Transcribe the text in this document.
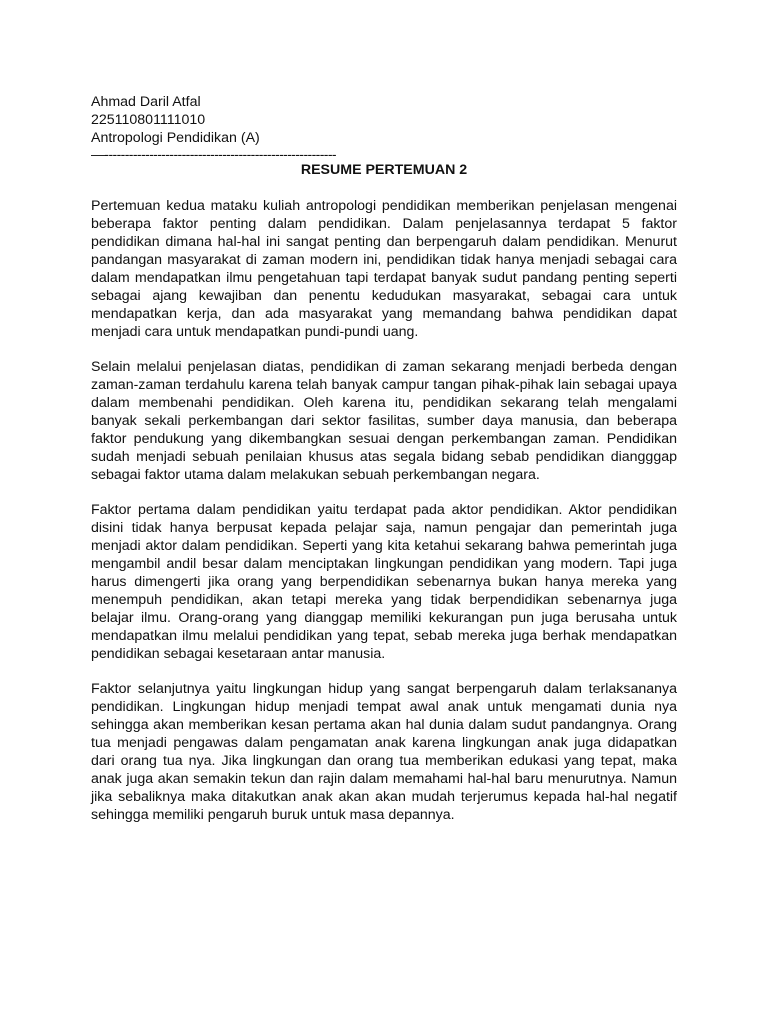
Ahmad Daril Atfal
225110801111010
Antropologi Pendidikan (A)
—---------------------------------------------------------
RESUME PERTEMUAN 2

Pertemuan kedua mataku kuliah antropologi pendidikan memberikan penjelasan mengenai beberapa faktor penting dalam pendidikan. Dalam penjelasannya terdapat 5 faktor pendidikan dimana hal-hal ini sangat penting dan berpengaruh dalam pendidikan. Menurut pandangan masyarakat di zaman modern ini, pendidikan tidak hanya menjadi sebagai cara dalam mendapatkan ilmu pengetahuan tapi terdapat banyak sudut pandang penting seperti sebagai ajang kewajiban dan penentu kedudukan masyarakat, sebagai cara untuk mendapatkan kerja, dan ada masyarakat yang memandang bahwa pendidikan dapat menjadi cara untuk mendapatkan pundi-pundi uang.

Selain melalui penjelasan diatas, pendidikan di zaman sekarang menjadi berbeda dengan zaman-zaman terdahulu karena telah banyak campur tangan pihak-pihak lain sebagai upaya dalam membenahi pendidikan. Oleh karena itu, pendidikan sekarang telah mengalami banyak sekali perkembangan dari sektor fasilitas, sumber daya manusia, dan beberapa faktor pendukung yang dikembangkan sesuai dengan perkembangan zaman. Pendidikan sudah menjadi sebuah penilaian khusus atas segala bidang sebab pendidikan diangggap sebagai faktor utama dalam melakukan sebuah perkembangan negara.

Faktor pertama dalam pendidikan yaitu terdapat pada aktor pendidikan. Aktor pendidikan disini tidak hanya berpusat kepada pelajar saja, namun pengajar dan pemerintah juga menjadi aktor dalam pendidikan. Seperti yang kita ketahui sekarang bahwa pemerintah juga mengambil andil besar dalam menciptakan lingkungan pendidikan yang modern. Tapi juga harus dimengerti jika orang yang berpendidikan sebenarnya bukan hanya mereka yang menempuh pendidikan, akan tetapi mereka yang tidak berpendidikan sebenarnya juga belajar ilmu. Orang-orang yang dianggap memiliki kekurangan pun juga berusaha untuk mendapatkan ilmu melalui pendidikan yang tepat, sebab mereka juga berhak mendapatkan pendidikan sebagai kesetaraan antar manusia.

Faktor selanjutnya yaitu lingkungan hidup yang sangat berpengaruh dalam terlaksananya pendidikan. Lingkungan hidup menjadi tempat awal anak untuk mengamati dunia nya sehingga akan memberikan kesan pertama akan hal dunia dalam sudut pandangnya. Orang tua menjadi pengawas dalam pengamatan anak karena lingkungan anak juga didapatkan dari orang tua nya. Jika lingkungan dan orang tua memberikan edukasi yang tepat, maka anak juga akan semakin tekun dan rajin dalam memahami hal-hal baru menurutnya. Namun jika sebaliknya maka ditakutkan anak akan akan mudah terjerumus kepada hal-hal negatif sehingga memiliki pengaruh buruk untuk masa depannya.
